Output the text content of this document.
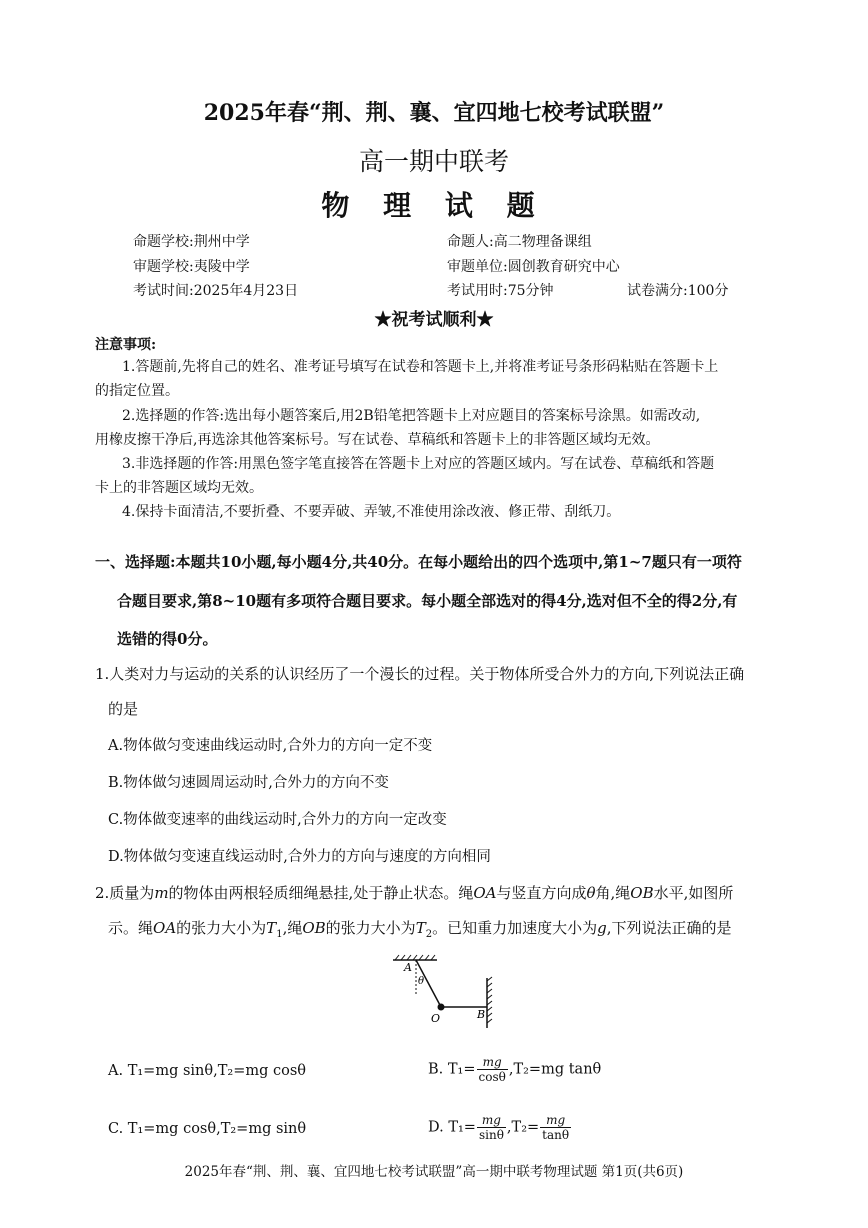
2025年春“荆、荆、襄、宜四地七校考试联盟”
高一期中联考
物 理 试 题
命题学校:荆州中学	命题人:高二物理备课组
审题学校:夷陵中学	审题单位:圆创教育研究中心
考试时间:2025年4月23日	考试用时:75分钟	试卷满分:100分
★祝考试顺利★
注意事项:
1.答题前,先将自己的姓名、准考证号填写在试卷和答题卡上,并将准考证号条形码粘贴在答题卡上
的指定位置。
2.选择题的作答:选出每小题答案后,用2B铅笔把答题卡上对应题目的答案标号涂黑。如需改动,
用橡皮擦干净后,再选涂其他答案标号。写在试卷、草稿纸和答题卡上的非答题区域均无效。
3.非选择题的作答:用黑色签字笔直接答在答题卡上对应的答题区域内。写在试卷、草稿纸和答题
卡上的非答题区域均无效。
4.保持卡面清洁,不要折叠、不要弄破、弄皱,不准使用涂改液、修正带、刮纸刀。
一、选择题:本题共10小题,每小题4分,共40分。在每小题给出的四个选项中,第1~7题只有一项符
合题目要求,第8~10题有多项符合题目要求。每小题全部选对的得4分,选对但不全的得2分,有
选错的得0分。
1.人类对力与运动的关系的认识经历了一个漫长的过程。关于物体所受合外力的方向,下列说法正确
的是
A.物体做匀变速曲线运动时,合外力的方向一定不变
B.物体做匀速圆周运动时,合外力的方向不变
C.物体做变速率的曲线运动时,合外力的方向一定改变
D.物体做匀变速直线运动时,合外力的方向与速度的方向相同
2.质量为m的物体由两根轻质细绳悬挂,处于静止状态。绳OA与竖直方向成θ角,绳OB水平,如图所
示。绳OA的张力大小为$T_1$,绳OB的张力大小为$T_2$。已知重力加速度大小为g,下列说法正确的是
A
θ
O	B
A. T₁=mg sinθ,T₂=mg cosθ	B. $T_1= \frac{mg}{\cos\theta} ,T_2=mg$ tanθ
C. T₁=mg cosθ,T₂=mg sinθ	D. $T_1= \frac{mg}{\sin\theta} ,T_2= \frac{mg}{\tan\theta}$
2025年春“荆、荆、襄、宜四地七校考试联盟”高一期中联考物理试题 第1页(共6页)
